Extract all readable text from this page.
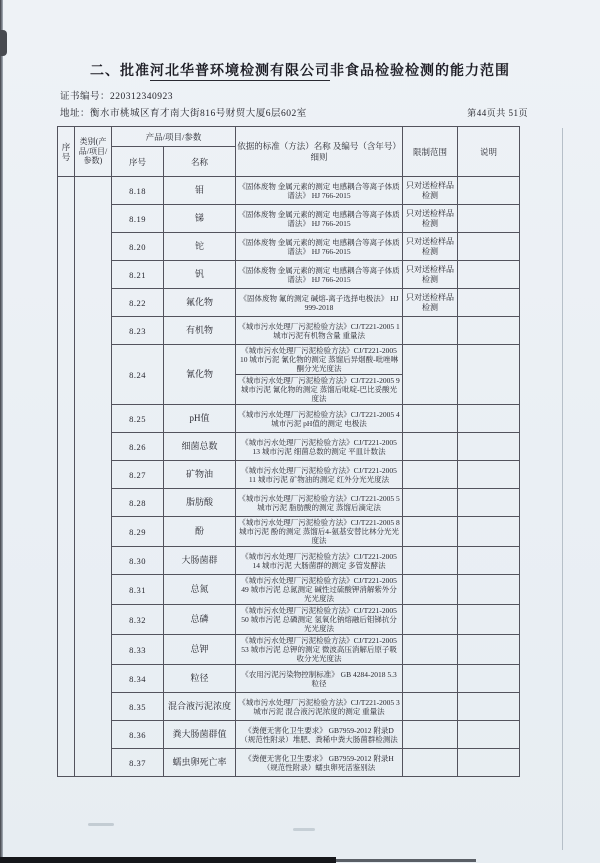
二、批准河北华普环境检测有限公司非食品检验检测的能力范围
证书编号：220312340923
地址：衡水市桃城区育才南大街816号财贸大厦6层602室	第44页共 51页
序号	类别(产品/项目/参数)	产品/项目/参数		依据的标准（方法）名称 及编号（含年号）细则	限制范围	说明
		序号	名称			
		8.18	钼	《固体废物 金属元素的测定 电感耦合等离子体质谱法》 HJ 766-2015	只对送检样品检测	
		8.19	锑	《固体废物 金属元素的测定 电感耦合等离子体质谱法》 HJ 766-2015	只对送检样品检测	
		8.20	铊	《固体废物 金属元素的测定 电感耦合等离子体质谱法》 HJ 766-2015	只对送检样品检测	
		8.21	钒	《固体废物 金属元素的测定 电感耦合等离子体质谱法》 HJ 766-2015	只对送检样品检测	
		8.22	氟化物	《固体废物 氟的测定 碱熔-离子选择电极法》 HJ 999-2018	只对送检样品检测	
		8.23	有机物	《城市污水处理厂污泥检验方法》CJ/T221-2005 1城市污泥有机物含量 重量法		

		8.24	氰化物	《城市污水处理厂污泥检验方法》CJ/T221-2005 10 城市污泥 氰化物的测定 蒸馏后异烟酸-吡唑啉酮分光光度法
《城市污水处理厂污泥检验方法》CJ/T221-2005 9 城市污泥 氰化物的测定 蒸馏后吡啶-巴比妥酸光度法		

		8.25	pH值	《城市污水处理厂污泥检验方法》CJ/T221-2005 4 城市污泥 pH值的测定 电极法		

		8.26	细菌总数	《城市污水处理厂污泥检验方法》CJ/T221-2005 13 城市污泥 细菌总数的测定 平皿计数法		

		8.27	矿物油	《城市污水处理厂污泥检验方法》CJ/T221-2005 11 城市污泥 矿物油的测定 红外分光光度法		

		8.28	脂肪酸	《城市污水处理厂污泥检验方法》CJ/T221-2005 5 城市污泥 脂肪酸的测定 蒸馏后滴定法		

		8.29	酚	《城市污水处理厂污泥检验方法》CJ/T221-2005 8 城市污泥 酚的测定 蒸馏后4-氨基安替比林分光光度法		

		8.30	大肠菌群	《城市污水处理厂污泥检验方法》CJ/T221-2005 14 城市污泥 大肠菌群的测定 多管发酵法		

		8.31	总氮	《城市污水处理厂污泥检验方法》CJ/T221-2005 49 城市污泥 总氮测定 碱性过硫酸钾消解紫外分光光度法		

		8.32	总磷	《城市污水处理厂污泥检验方法》CJ/T221-2005 50 城市污泥 总磷测定 氢氧化钠熔融后钼锑抗分光光度法		

		8.33	总钾	《城市污水处理厂污泥检验方法》CJ/T221-2005 53 城市污泥 总钾的测定 微波高压消解后原子吸收分光光度法		

		8.34	粒径	《农用污泥污染物控制标准》 GB 4284-2018 5.3粒径		

		8.35	混合液污泥浓度	《城市污水处理厂污泥检验方法》CJ/T221-2005 3 城市污泥 混合液污泥浓度的测定 重量法		

		8.36	粪大肠菌群值	《粪便无害化卫生要求》 GB7959-2012 附录D（规范性附录）堆肥、粪稀中粪大肠菌群检测法		

		8.37	蠕虫卵死亡率	《粪便无害化卫生要求》 GB7959-2012 附录H（规范性附录）蠕虫卵死活鉴别法		
